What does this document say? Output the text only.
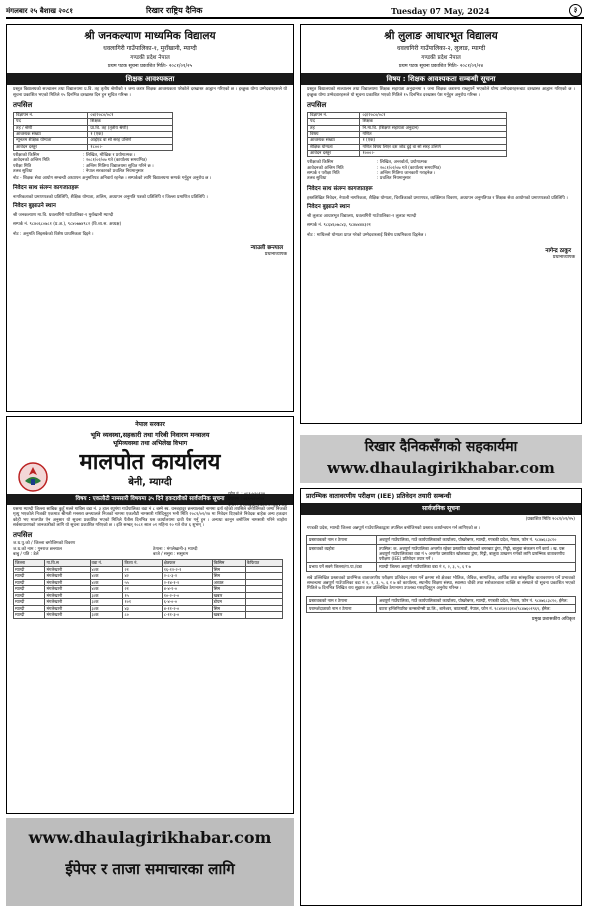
मंगलबार २५ बैशाख २०८१	रिखार राष्ट्रिय दैनिक	Tuesday 07 May, 2024	३
श्री जनकल्याण माध्यमिक विद्यालय
धवलागिरी गाउँपालिका-१, मुराँखानी, म्याग्दी
गण्डकी प्रदेश नेपाल
प्रथम पटक सूचना प्रकाशित मितिः- २०८१/०१/२५
शिक्षक आवश्यकता
प्रस्तुत विद्यालयको सञ्चालन तथा विद्यालयमा प्र.वि. तह तृतीय श्रेणीको १ जना करार शिक्षक आवश्यकता परेकोले दरखास्त आह्वान गरिएको छ । इच्छुक योग्य उम्मेदवारहरूले यो सूचना प्रकाशित भएको मितिले १५ दिनभित्र दरखास्त दिन हुन सूचित गरिन्छ ।
तपसिल
विज्ञापन नं.	०४/२०८०/०८१
पद	शिक्षक
तह / श्रेणी	प्रा.वि. तह (तृतीय श्रेणी)
आवश्यक संख्या	१ (एक)
न्यूनतम शैक्षिक योग्यता	आईएड वा सो सरह उत्तिर्ण
आवेदन दस्तुर	१८००।-
परीक्षाको किसिम	: लिखित, मौखिक र प्रयोगात्मक ।
आवेदनको अन्तिम मिति	: २०८१/०२/०७ गते (कार्यालय समयभित्र)
परीक्षा मिति	: अन्तिम मितिमा विद्यालयमा सूचित गरिने छ ।
तलब सुविधा	: नेपाल सरकारको प्रचलित नियमानुसार
नोट - शिक्षक सेवा आयोग सम्बन्धी अध्यापन अनुमतिपत्र अनिवार्य रहनेछ । सम्पर्कको लागि विद्यालयमा सम्पर्क गर्नुहुन अनुरोध छ ।
निवेदन साथ संलग्न कागजातहरू
नागरिकताको प्रमाणपत्रको प्रतिलिपि, शैक्षिक योग्यता, तालिम, अध्यापन अनुमति पत्रको प्रतिलिपि र जिल्ला प्रमाणित प्रतिलिपि ।
निवेदन बुझाउने स्थान
श्री जनकल्याण मा.वि. धवलागिरी गाउँपालिका-१ मुराँखानी म्याग्दी
सम्पर्क नं. ९८४०६८०७८१ (प्र.अ.), ९८४०७७४९८२ (वि.व्य.स. अध्यक्ष)
नोट : अनुमति लिइसकेको विशेष प्राथमिकता दिइने ।
न्याउली छन्त्याल
प्रधानाध्यापक
श्री लुलाङ आधारभूत विद्यालय
धवलागिरी गाउँपालिका-२, लुलाङ, म्याग्दी
गण्डकी प्रदेश नेपाल
प्रथम पटक सूचना प्रकाशित मितिः- २०८१/०१/२४
विषय : शिक्षक आवश्यकता सम्बन्धी सूचना
प्रस्तुत विद्यालयको सञ्चालन तथा विद्यालयमा शिक्षक सहायता अनुदानमा १ जना शिक्षक करारमा राख्नुपर्ने भएकोले योग्य उम्मेदवारहरूबाट दरखास्त आह्वान गरिएको छ । इच्छुक योग्य उम्मेदवारहरूले यो सूचना प्रकाशित भएको मितिले १५ दिनभित्र दरखास्त पेश गर्नुहुन अनुरोध गरिन्छ ।
तपसिल
विज्ञापन नं.	०३/२०८०/०८१
पद	शिक्षक
तह	नि.मा.वि. (शिक्षण सहायता अनुदान)
विषय	गणित
आवश्यक संख्या	१ (एक)
शैक्षिक योग्यता	गणित विषय लिएर दश जोड दुई वा सो सरह उत्तिर्ण
आवेदन दस्तुर	१०००।-
परीक्षाको किसिम	: लिखित, अन्तर्वार्ता, प्रयोगात्मक
आवेदनको अन्तिम मिति	: २०८१/०२/०७ गते (कार्यालय समयभित्र)
सम्पर्क र परीक्षा मिति	: अन्तिम मितिमा जानकारी गराइनेछ ।
तलब सुविधा	: प्रचलित नियमानुसार
निवेदन साथ संलग्न कागजातहरू
हस्तलिखित निवेदन, नेपाली नागरिकता, शैक्षिक योग्यता, चिरत्रिकाको प्रमाणपत्र, व्यक्तिगत विवरण, अध्यापन अनुमतिपत्र र शिक्षक सेवा आयोगको प्रमाणपत्रको प्रतिलिपि ।
निवेदन बुझाउने स्थान
श्री लुलाङ आधारभूत विद्यालय, धवलागिरी गाउँपालिका-२ लुलाङ म्याग्दी
सम्पर्क नं. ९८६४६०७८४३, ९८४७४४४३२१
नोट : माथिल्लो योग्यता प्राप्त गरेको उम्मेदवारलाई विशेष प्राथमिकता दिइनेछ ।
नागेन्द्र ठाकुर
प्रधानाध्यापक
रिखार दैनिकसँगको सहकार्यमा
www.dhaulagirikhabar.com
नेपाल सरकार
भूमि व्यवस्था,सहकारी तथा गरिबी निवारण मन्त्रालय
भूमिव्यवस्था तथा अभिलेख विभाग
मालपोत कार्यालय
बेनी, म्याग्दी
फोन नं. : ०६९-५२०१२४
फ्याक्स : ०६९-५२०१२४
ईमेल : myagdi@dolrm.gov.np
विषय : एकलौटी नामसारी विषयमा ३५ दिने हकदावीको सार्वजनिक सूचना
यसमा म्याग्दी जिल्ला साबिक कुहुँ मल्ले गाविस वडा नं. ३ हाल रघुगंगा गाउँपालिका वडा नं ८ बस्ने स्व. धनबहादुर छन्त्यालको नाममा दर्ता रहेको तपसिल बमोजिमको जग्गा निजको मृत्यु भएकोले निजकी एकमात्र श्रीमती मनसरा छन्त्यालले निजको नाममा एकलौटी नामसारी गरिदिनुहुन भनी मिति २०८१/०१/२४ मा निवेदन दिएकोले निवेदक बाहेक अन्य हकदार कोही भए मालपोत ऐन अनुसार यो सूचना प्रकाशित भएको मितिले पैंतीस दिनभित्र यस कार्यालयमा दावी पेश गर्नु हुन । अन्यथा कानून बमोजिम नामसारी गरिने व्यहोरा सर्वसाधारणको जानकारीको लागि यो सूचना प्रकाशित गरिएको छ । इति सम्बत् २०८१ साल ०१ महिना २० गते रोज ६ शुभम् ।
तपसिल
ज.ध.पु.को / जिल्ला बमोजिमको विवरण
ज.ध.को नाम : गुनराज छन्त्याल	ठेगाना : मंगलेखानी-३ म्याग्दी
बाबु / पति : डेले	बाजे / ससुरा : ससुराम
जिल्ला	गा.वि.स	वडा नं.	कित्ता नं.	क्षेत्रफल	किसिम	कैफियत
म्याग्दी	मंगलेखानी	४।क	२१	१६-१२-२-१	सिम	
म्याग्दी	मंगलेखानी	४।क	४२	२-८-३-२	सिम	
म्याग्दी	मंगलेखानी	४।क	५५	२-१४-१-२	अव्वल	
म्याग्दी	मंगलेखानी	४।क	२१	४-४-१-०	सिम	
म्याग्दी	मंगलेखानी	३।क	१५	१०-२-२-०	खबार	
म्याग्दी	मंगलेखानी	३।क	१०१	६-४-०-०	डोयम	
म्याग्दी	मंगलेखानी	३।क	४३	४-११-२-०	सिम	
म्याग्दी	मंगलेखानी	३।क	८०	८-११-३-०	खबार	
www.dhaulagirikhabar.com
ईपेपर र ताजा समाचारका लागि
प्रारम्भिक वातावरणीय परीक्षण (IEE) प्रतिवेदन तयारी सम्बन्धी
सार्वजनिक सूचना
(प्रकाशित मितिः २०८१/०१/२५)
गण्डकी प्रदेश, म्याग्दी जिल्ला अन्नपूर्ण गाउँपालिकाद्वारा तपसिल बमोजिमको प्रस्ताव कार्यान्वयन गर्न लागिएको छ ।
प्रस्तावकको नाम र ठेगाना	अन्नपूर्ण गाउँपालिका, गाउँ कार्यपालिकाको कार्यालय, पोखरेबगर, म्याग्दी, गण्डकी प्रदेश, नेपाल, फोन नं. ९८४७६८३८१०
प्रस्तावको व्यहोरा	तपसिल: क. अन्नपूर्ण गाउँपालिका अन्तर्गत रहेका प्रस्तावित खोलाको बगरबाट ढुंगा, गिट्टी, बालुवा संकलन गर्ने कार्य । ख. यस अन्नपूर्ण गाउँपालिकाका वडा नं ५ अन्तर्गत प्रस्तावित खोलाबाट ढुंगा, गिट्टी, बालुवा उत्खनन गर्नको लागि प्रारम्भिक वातावरणीय परीक्षण (IEE) प्रतिवेदन तयार गर्ने ।
प्रभाव पर्ने सक्ने जिल्ला/गा.पा./वडा	म्याग्दी जिल्ला अन्नपूर्ण गाउँपालिका वडा नं १, २, ३, ५, ६ र ७
सबै उल्लिखित प्रस्तावको प्रारम्भिक वातावरणीय परीक्षण प्रतिवेदन तयार गर्ने क्रममा सो क्षेत्रका भौतिक, जैविक, सामाजिक, आर्थिक तथा सांस्कृतिक वातावरणमा पर्ने प्रभावको सम्बन्धमा अन्नपूर्ण गाउँपालिका वडा नं १, २, ३, ५, ६ र ७ को कार्यालय, स्थानीय शिक्षण संस्था, स्वास्थ्य चौकी तथा सरोकारवाला व्यक्ति वा संस्थाले यो सूचना प्रकाशित भएको मितिले ७ दिनभित्र लिखित राय सुझाव तल उल्लिखित ठेगानामा उपलब्ध गराइदिनुहुन अनुरोध गरिन्छ ।
प्रस्तावकको नाम र ठेगाना	अन्नपूर्ण गाउँपालिका, गाउँ कार्यपालिकाको कार्यालय, पोखरेबगर, म्याग्दी, गण्डकी प्रदेश, नेपाल, फोन नं. ९८४७६८३८१०, ईमेल:
परामर्शदाताको नाम र ठेगाना	वाटरा इन्जिनियरिङ कन्सल्टेन्सी प्रा.लि., बानेश्वर, काठमाडौं, नेपाल, फोन नं. ९८४१४१२३१०/९८४७६०१९६९, ईमेल:
प्रमुख प्रशासकीय अधिकृत
